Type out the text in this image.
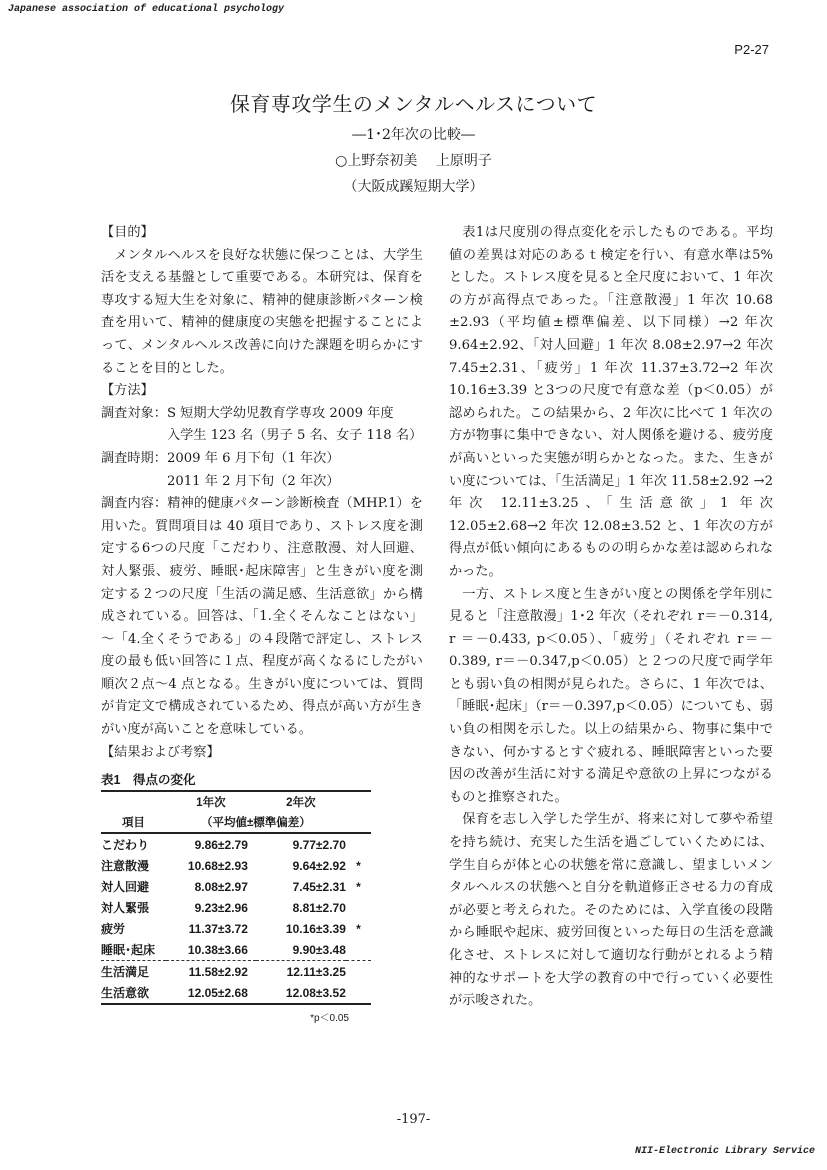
Japanese association of educational psychology
P2-27
保育専攻学生のメンタルヘルスについて
―1･2年次の比較―
○上野奈初美　 上原明子
（大阪成蹊短期大学）

【目的】

メンタルヘルスを良好な状態に保つことは、大学生活を支える基盤として重要である。本研究は、保育を専攻する短大生を対象に、精神的健康診断パターン検査を用いて、精神的健康度の実態を把握することによって、メンタルヘルス改善に向けた課題を明らかにすることを目的とした。

【方法】

調査対象： S 短期大学幼児教育学専攻 2009 年度
入学生 123 名（男子 5 名、女子 118 名）
調査時期： 2009 年 6 月下旬（1 年次）
2011 年 2 月下旬（2 年次）

調査内容：精神的健康パターン診断検査（MHP.1）を用いた。質問項目は 40 項目であり、ストレス度を測定する6つの尺度「こだわり、注意散漫、対人回避、対人緊張、疲労、睡眠･起床障害」と生きがい度を測定する２つの尺度「生活の満足感、生活意欲」から構成されている。回答は、「1.全くそんなことはない」～「4.全くそうである」の４段階で評定し、ストレス度の最も低い回答に１点、程度が高くなるにしたがい順次２点～4 点となる。生きがい度については、質問が肯定文で構成されているため、得点が高い方が生きがい度が高いことを意味している。

【結果および考察】

表1　得点の変化
	1年次	2年次	
項目	（平均値±標準偏差）		
こだわり	9.86±2.79	9.77±2.70	
注意散漫	10.68±2.93	9.64±2.92	*
対人回避	8.08±2.97	7.45±2.31	*
対人緊張	9.23±2.96	8.81±2.70	
疲労	11.37±3.72	10.16±3.39	*
睡眠･起床	10.38±3.66	9.90±3.48	
生活満足	11.58±2.92	12.11±3.25	
生活意欲	12.05±2.68	12.08±3.52	
*p＜0.05

表1は尺度別の得点変化を示したものである。平均値の差異は対応のあるｔ検定を行い、有意水準は5%とした。ストレス度を見ると全尺度において、1 年次の方が高得点であった。「注意散漫」1 年次 10.68 ±2.93（平均値±標準偏差、以下同様）→2 年次 9.64±2.92、「対人回避」1 年次 8.08±2.97→2 年次 7.45±2.31、「疲労」1 年次 11.37±3.72→2 年次 10.16±3.39 と3つの尺度で有意な差（p＜0.05）が認められた。この結果から、2 年次に比べて 1 年次の方が物事に集中できない、対人関係を避ける、疲労度が高いといった実態が明らかとなった。また、生きがい度については、「生活満足」1 年次 11.58±2.92 →2 年次 12.11±3.25、「生活意欲」1 年次 12.05±2.68→2 年次 12.08±3.52 と、1 年次の方が得点が低い傾向にあるものの明らかな差は認められなかった。

一方、ストレス度と生きがい度との関係を学年別に見ると「注意散漫」1･2 年次（それぞれ r＝－0.314, r ＝－0.433, p＜0.05）、「疲労」（それぞれ r＝－0.389, r＝－0.347,p＜0.05）と２つの尺度で両学年とも弱い負の相関が見られた。さらに、1 年次では、「睡眠･起床」（r＝－0.397,p＜0.05）についても、弱い負の相関を示した。以上の結果から、物事に集中できない、何かするとすぐ疲れる、睡眠障害といった要因の改善が生活に対する満足や意欲の上昇につながるものと推察された。

保育を志し入学した学生が、将来に対して夢や希望を持ち続け、充実した生活を過ごしていくためには、学生自らが体と心の状態を常に意識し、望ましいメンタルヘルスの状態へと自分を軌道修正させる力の育成が必要と考えられた。そのためには、入学直後の段階から睡眠や起床、疲労回復といった毎日の生活を意識化させ、ストレスに対して適切な行動がとれるよう精神的なサポートを大学の教育の中で行っていく必要性が示唆された。

-197-
NII-Electronic Library Service
